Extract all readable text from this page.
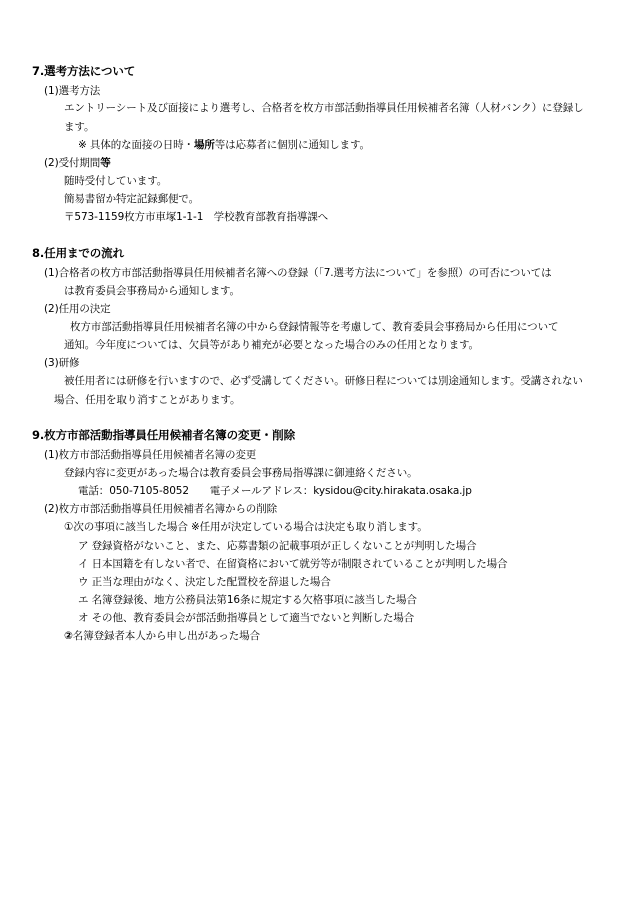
7.選考方法について
(1)選考方法
エントリーシート及び面接により選考し、合格者を枚方市部活動指導員任用候補者名簿（人材バンク）に登録し
ます。
※ 具体的な面接の日時・場所等は応募者に個別に通知します。
(2)受付期間等
随時受付しています。
簡易書留か特定記録郵便で。
〒573-1159枚方市車塚1-1-1　学校教育部教育指導課へ
8.任用までの流れ
(1)合格者の枚方市部活動指導員任用候補者名簿への登録（「7.選考方法について」を参照）の可否については
は教育委員会事務局から通知します。
(2)任用の決定
枚方市部活動指導員任用候補者名簿の中から登録情報等を考慮して、教育委員会事務局から任用について
通知。今年度については、欠員等があり補充が必要となった場合のみの任用となります。
(3)研修
被任用者には研修を行いますので、必ず受講してください。研修日程については別途通知します。受講されない
場合、任用を取り消すことがあります。
9.枚方市部活動指導員任用候補者名簿の変更・削除
(1)枚方市部活動指導員任用候補者名簿の変更
登録内容に変更があった場合は教育委員会事務局指導課に御連絡ください。
電話：050-7105-8052　　電子メールアドレス：kysidou@city.hirakata.osaka.jp
(2)枚方市部活動指導員任用候補者名簿からの削除
①次の事項に該当した場合 ※任用が決定している場合は決定も取り消します。
ア 登録資格がないこと、また、応募書類の記載事項が正しくないことが判明した場合
イ 日本国籍を有しない者で、在留資格において就労等が制限されていることが判明した場合
ウ 正当な理由がなく、決定した配置校を辞退した場合
エ 名簿登録後、地方公務員法第16条に規定する欠格事項に該当した場合
オ その他、教育委員会が部活動指導員として適当でないと判断した場合
②名簿登録者本人から申し出があった場合
